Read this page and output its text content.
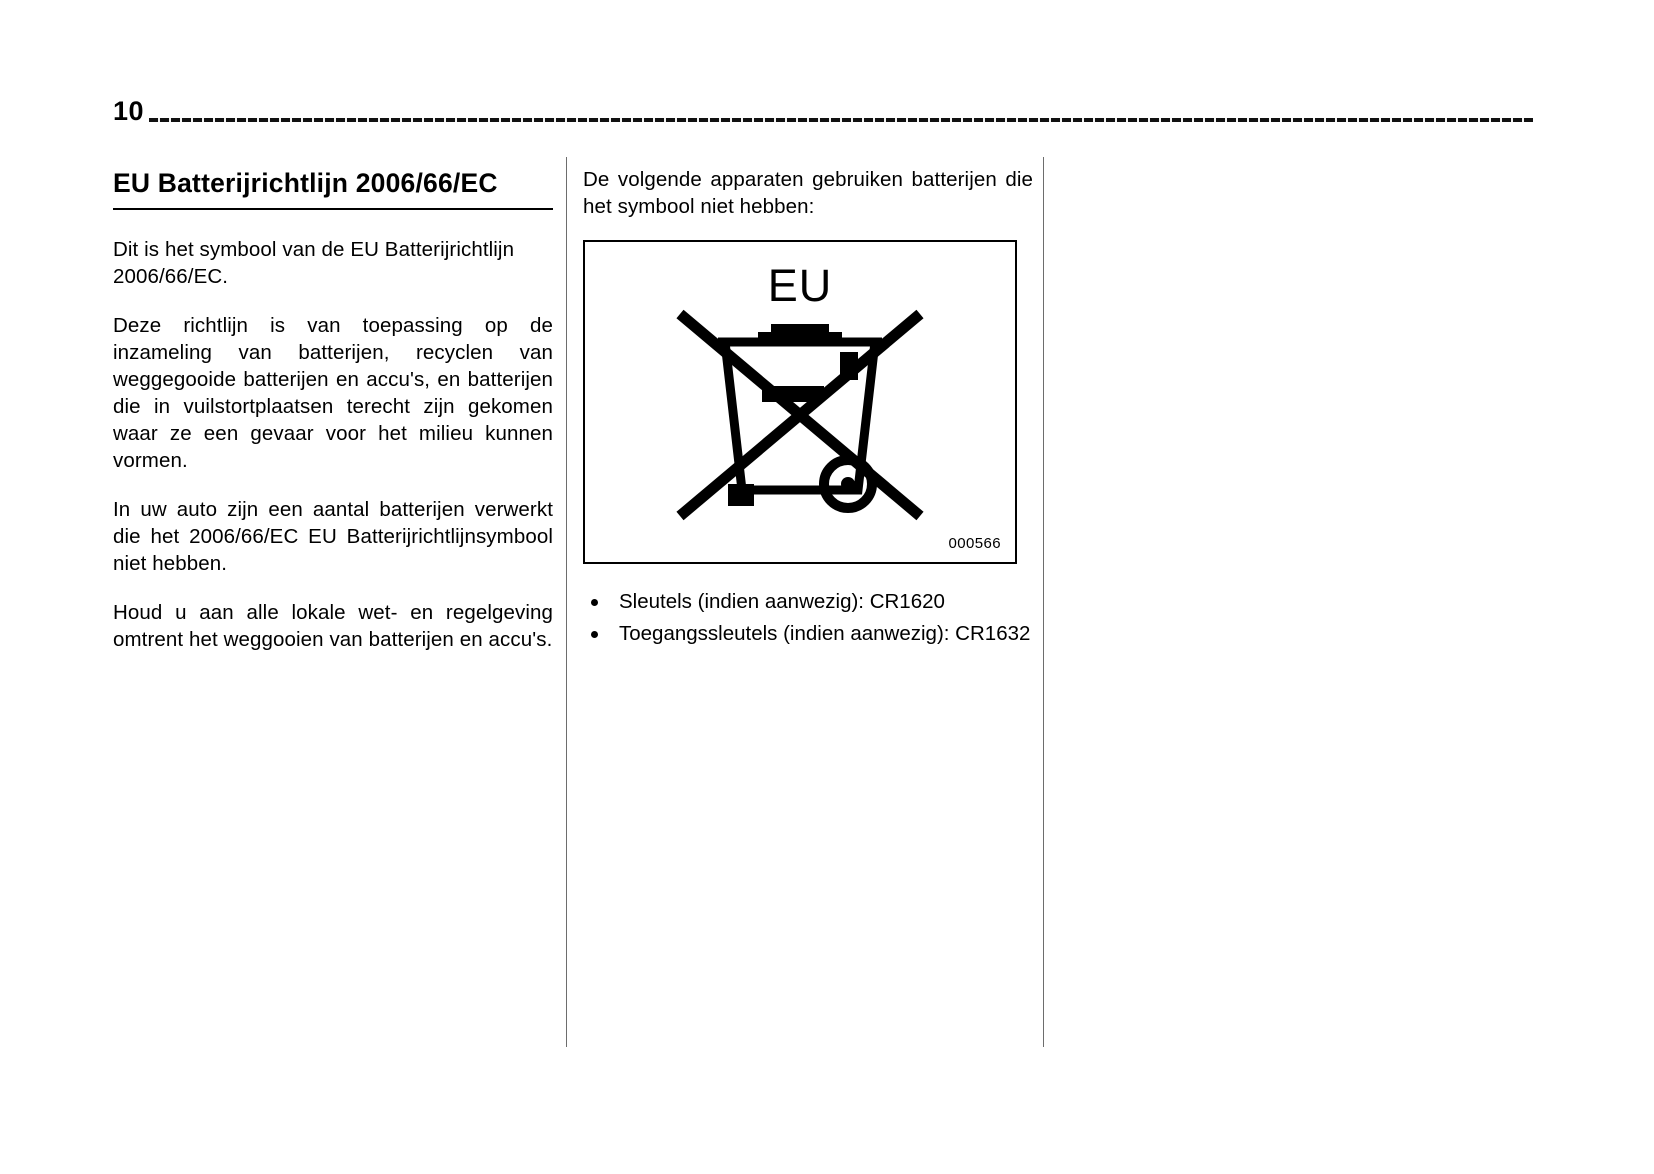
10
EU Batterijrichtlijn 2006/66/EC

Dit is het symbool van de EU Batterijrichtlijn 2006/66/EC.

Deze richtlijn is van toepassing op de inzameling van batterijen, recyclen van weggegooide batterijen en accu's, en batterijen die in vuilstortplaatsen terecht zijn gekomen waar ze een gevaar voor het milieu kunnen vormen.

In uw auto zijn een aantal batterijen verwerkt die het 2006/66/EC EU Batterijrichtlijnsymbool niet hebben.

Houd u aan alle lokale wet- en regelgeving omtrent het weggooien van batterijen en accu's.

De volgende apparaten gebruiken batterijen die het symbool niet hebben:

EU
000566
Sleutels (indien aanwezig): CR1620
Toegangssleutels (indien aanwezig): CR1632
